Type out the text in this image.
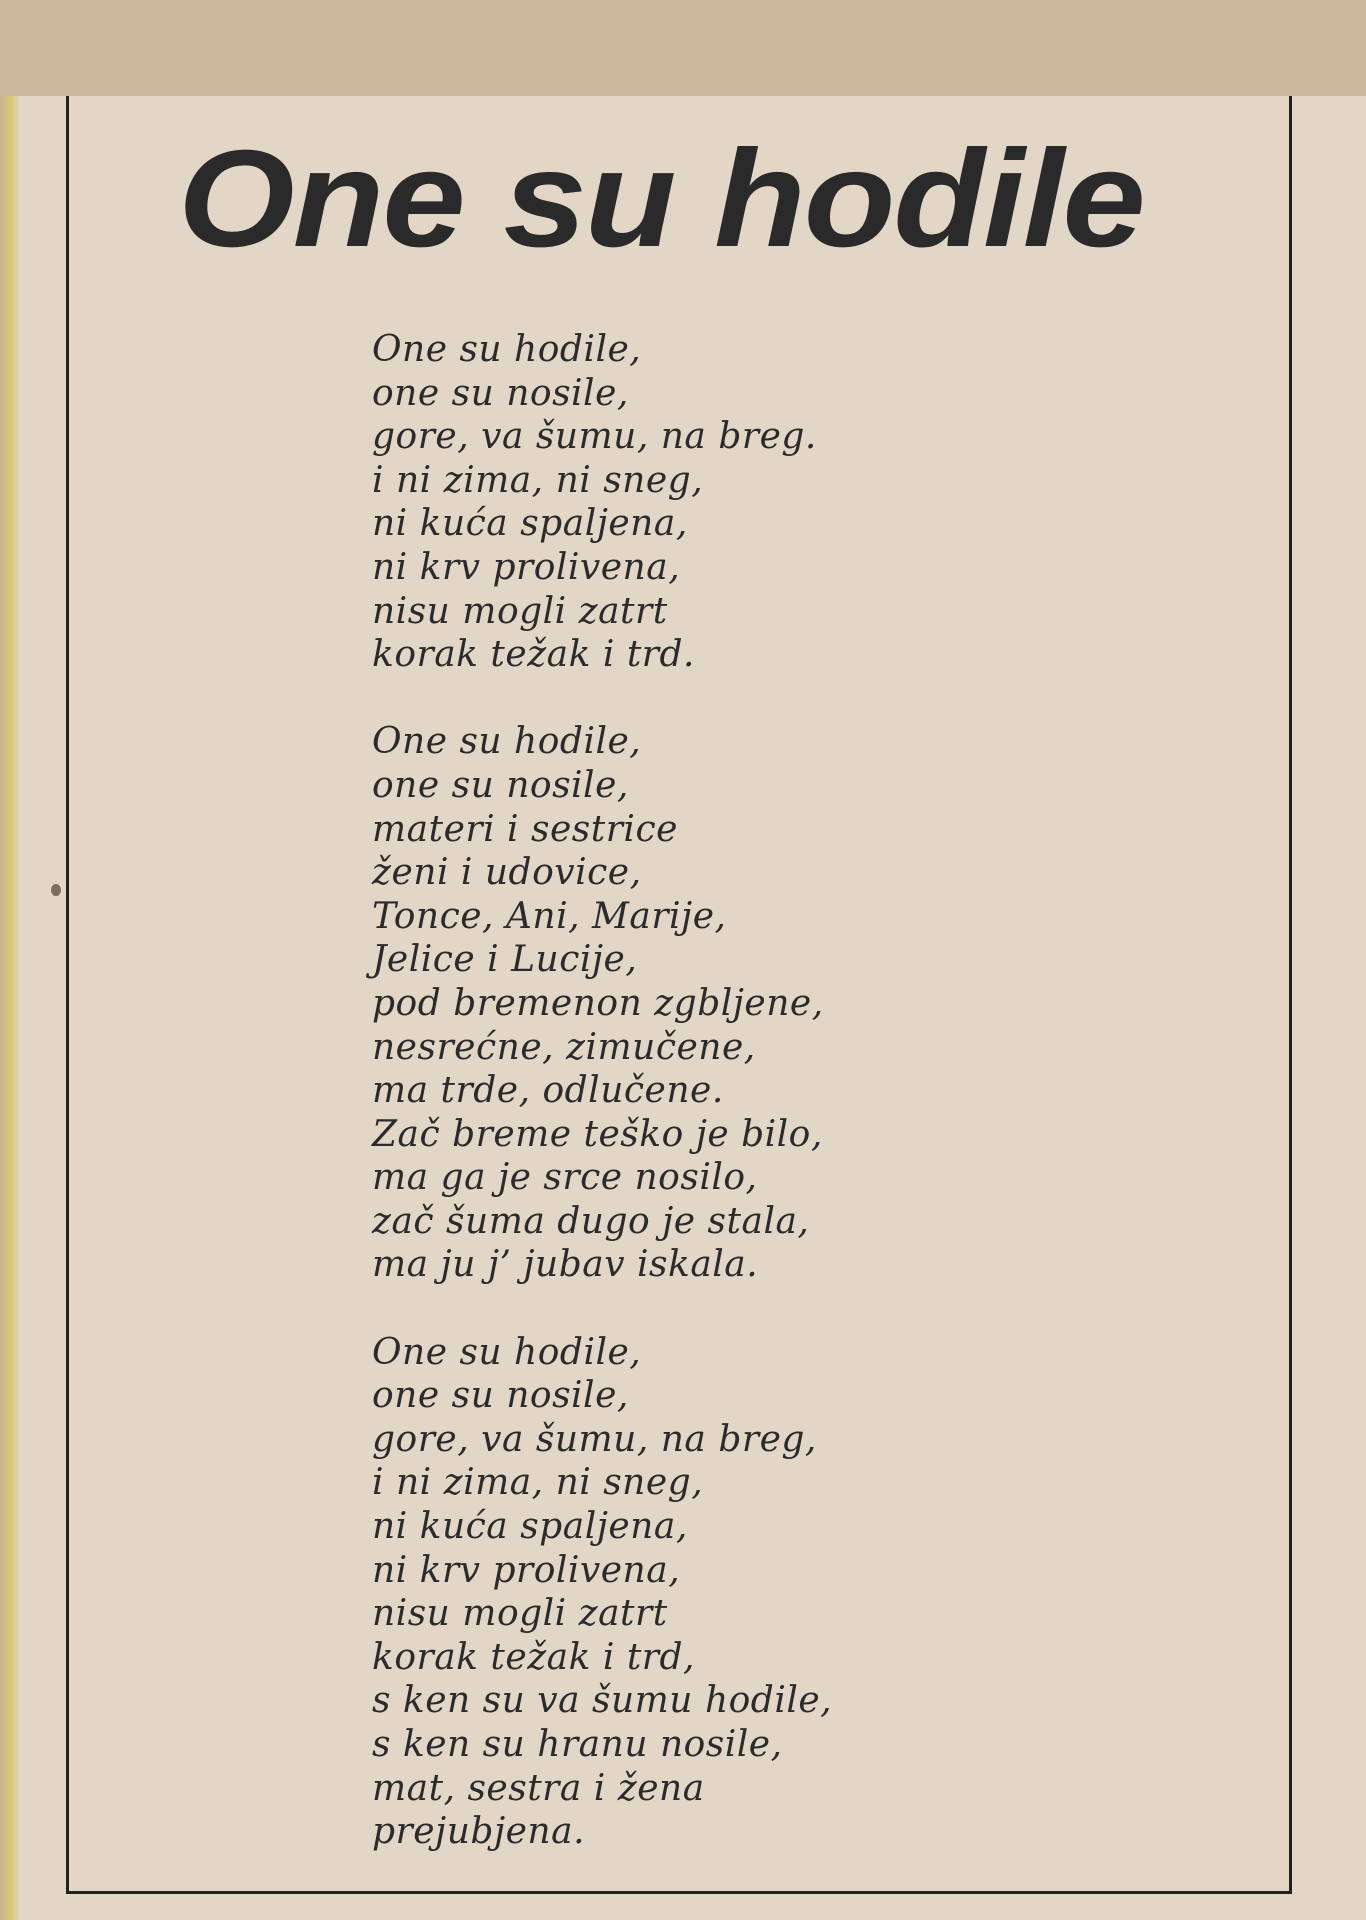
One su hodile

One su hodile,
one su nosile,
gore, va šumu, na breg.
i ni zima, ni sneg,
ni kuća spaljena,
ni krv prolivena,
nisu mogli zatrt
korak težak i trd.

One su hodile,
one su nosile,
materi i sestrice
ženi i udovice,
Tonce, Ani, Marije,
Jelice i Lucije,
pod bremenon zgbljene,
nesrećne, zimučene,
ma trde, odlučene.
Zač breme teško je bilo,
ma ga je srce nosilo,
zač šuma dugo je stala,
ma ju j’ jubav iskala.

One su hodile,
one su nosile,
gore, va šumu, na breg,
i ni zima, ni sneg,
ni kuća spaljena,
ni krv prolivena,
nisu mogli zatrt
korak težak i trd,
s ken su va šumu hodile,
s ken su hranu nosile,
mat, sestra i žena
prejubjena.
